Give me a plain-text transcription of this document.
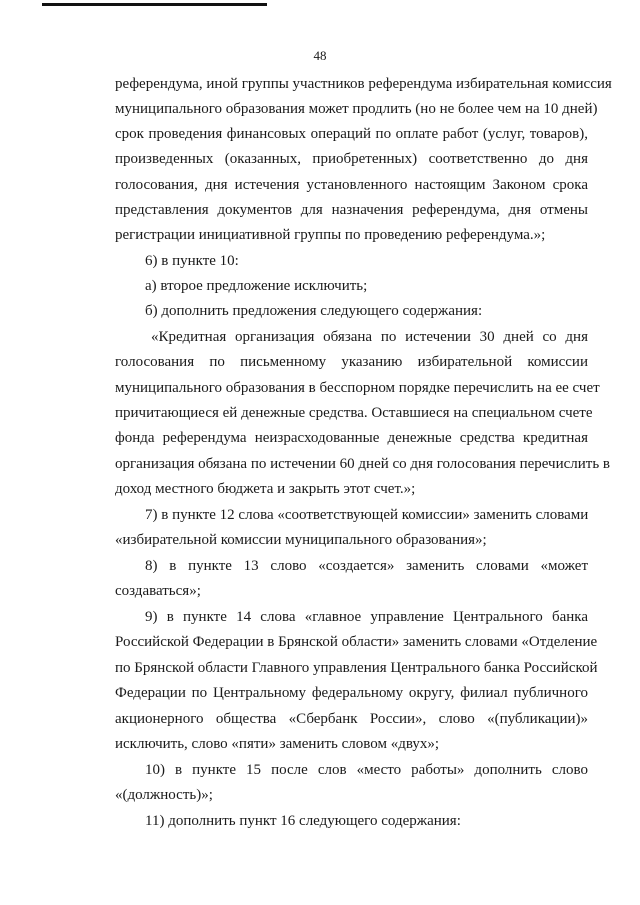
48
референдума, иной группы участников референдума избирательная комиссия
муниципального образования может продлить (но не более чем на 10 дней)
срок проведения финансовых операций по оплате работ (услуг, товаров),
произведенных (оказанных, приобретенных) соответственно до дня
голосования, дня истечения установленного настоящим Законом срока
представления документов для назначения референдума, дня отмены
регистрации инициативной группы по проведению референдума.»;
6) в пункте 10:
а) второе предложение исключить;
б) дополнить предложения следующего содержания:
«Кредитная организация обязана по истечении 30 дней со дня
голосования по письменному указанию избирательной комиссии
муниципального образования в бесспорном порядке перечислить на ее счет
причитающиеся ей денежные средства. Оставшиеся на специальном счете
фонда референдума неизрасходованные денежные средства кредитная
организация обязана по истечении 60 дней со дня голосования перечислить в
доход местного бюджета и закрыть этот счет.»;
7) в пункте 12 слова «соответствующей комиссии» заменить словами
«избирательной комиссии муниципального образования»;
8) в пункте 13 слово «создается» заменить словами «может
создаваться»;
9) в пункте 14 слова «главное управление Центрального банка
Российской Федерации в Брянской области» заменить словами «Отделение
по Брянской области Главного управления Центрального банка Российской
Федерации по Центральному федеральному округу, филиал публичного
акционерного общества «Сбербанк России», слово «(публикации)»
исключить, слово «пяти» заменить словом «двух»;
10) в пункте 15 после слов «место работы» дополнить слово
«(должность)»;
11) дополнить пункт 16 следующего содержания:
